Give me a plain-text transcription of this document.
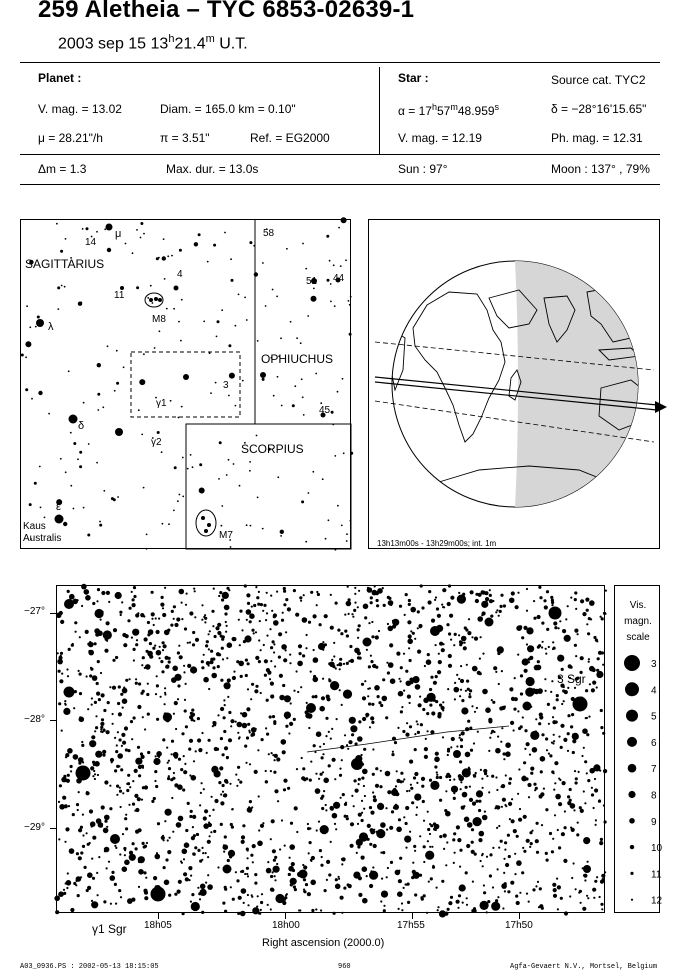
259 Aletheia – TYC 6853-02639-1
2003 sep 15 13$^h$21.4$^m$ U.T.
Planet :
V. mag. = 13.02	Diam. = 165.0 km = 0.10"
μ = 28.21"/h	π = 3.51"	Ref. = EG2000
Star :	Source cat. TYC2
$\alpha = 17^h57^m48.959^s$	δ = −28°16'15.65"
V. mag. = 12.19	Ph. mag. = 12.31
Δm = 1.3	Max. dur. = 13.0s	Sun : 97°	Moon : 137° , 79%
SAGITTARIUS
OPHIUCHUS
SCORPIUS
14
μ
4
11
M8
λ
δ
γ1
γ2
3
58
51 44
45
ε
Kaus
Australis	M7
13h13m00s - 13h29m00s; int. 1m
3 Sgr
−27°
−28°
−29°
18h05	18h00	17h55	17h50
γ1 Sgr
Right ascension (2000.0)
Vis.
magn.
scale
3
4
5
6
7
8
9
10
11
12
A03_0936.PS : 2002-05-13 18:15:05	960	Agfa-Gevaert N.V., Mortsel, Belgium
